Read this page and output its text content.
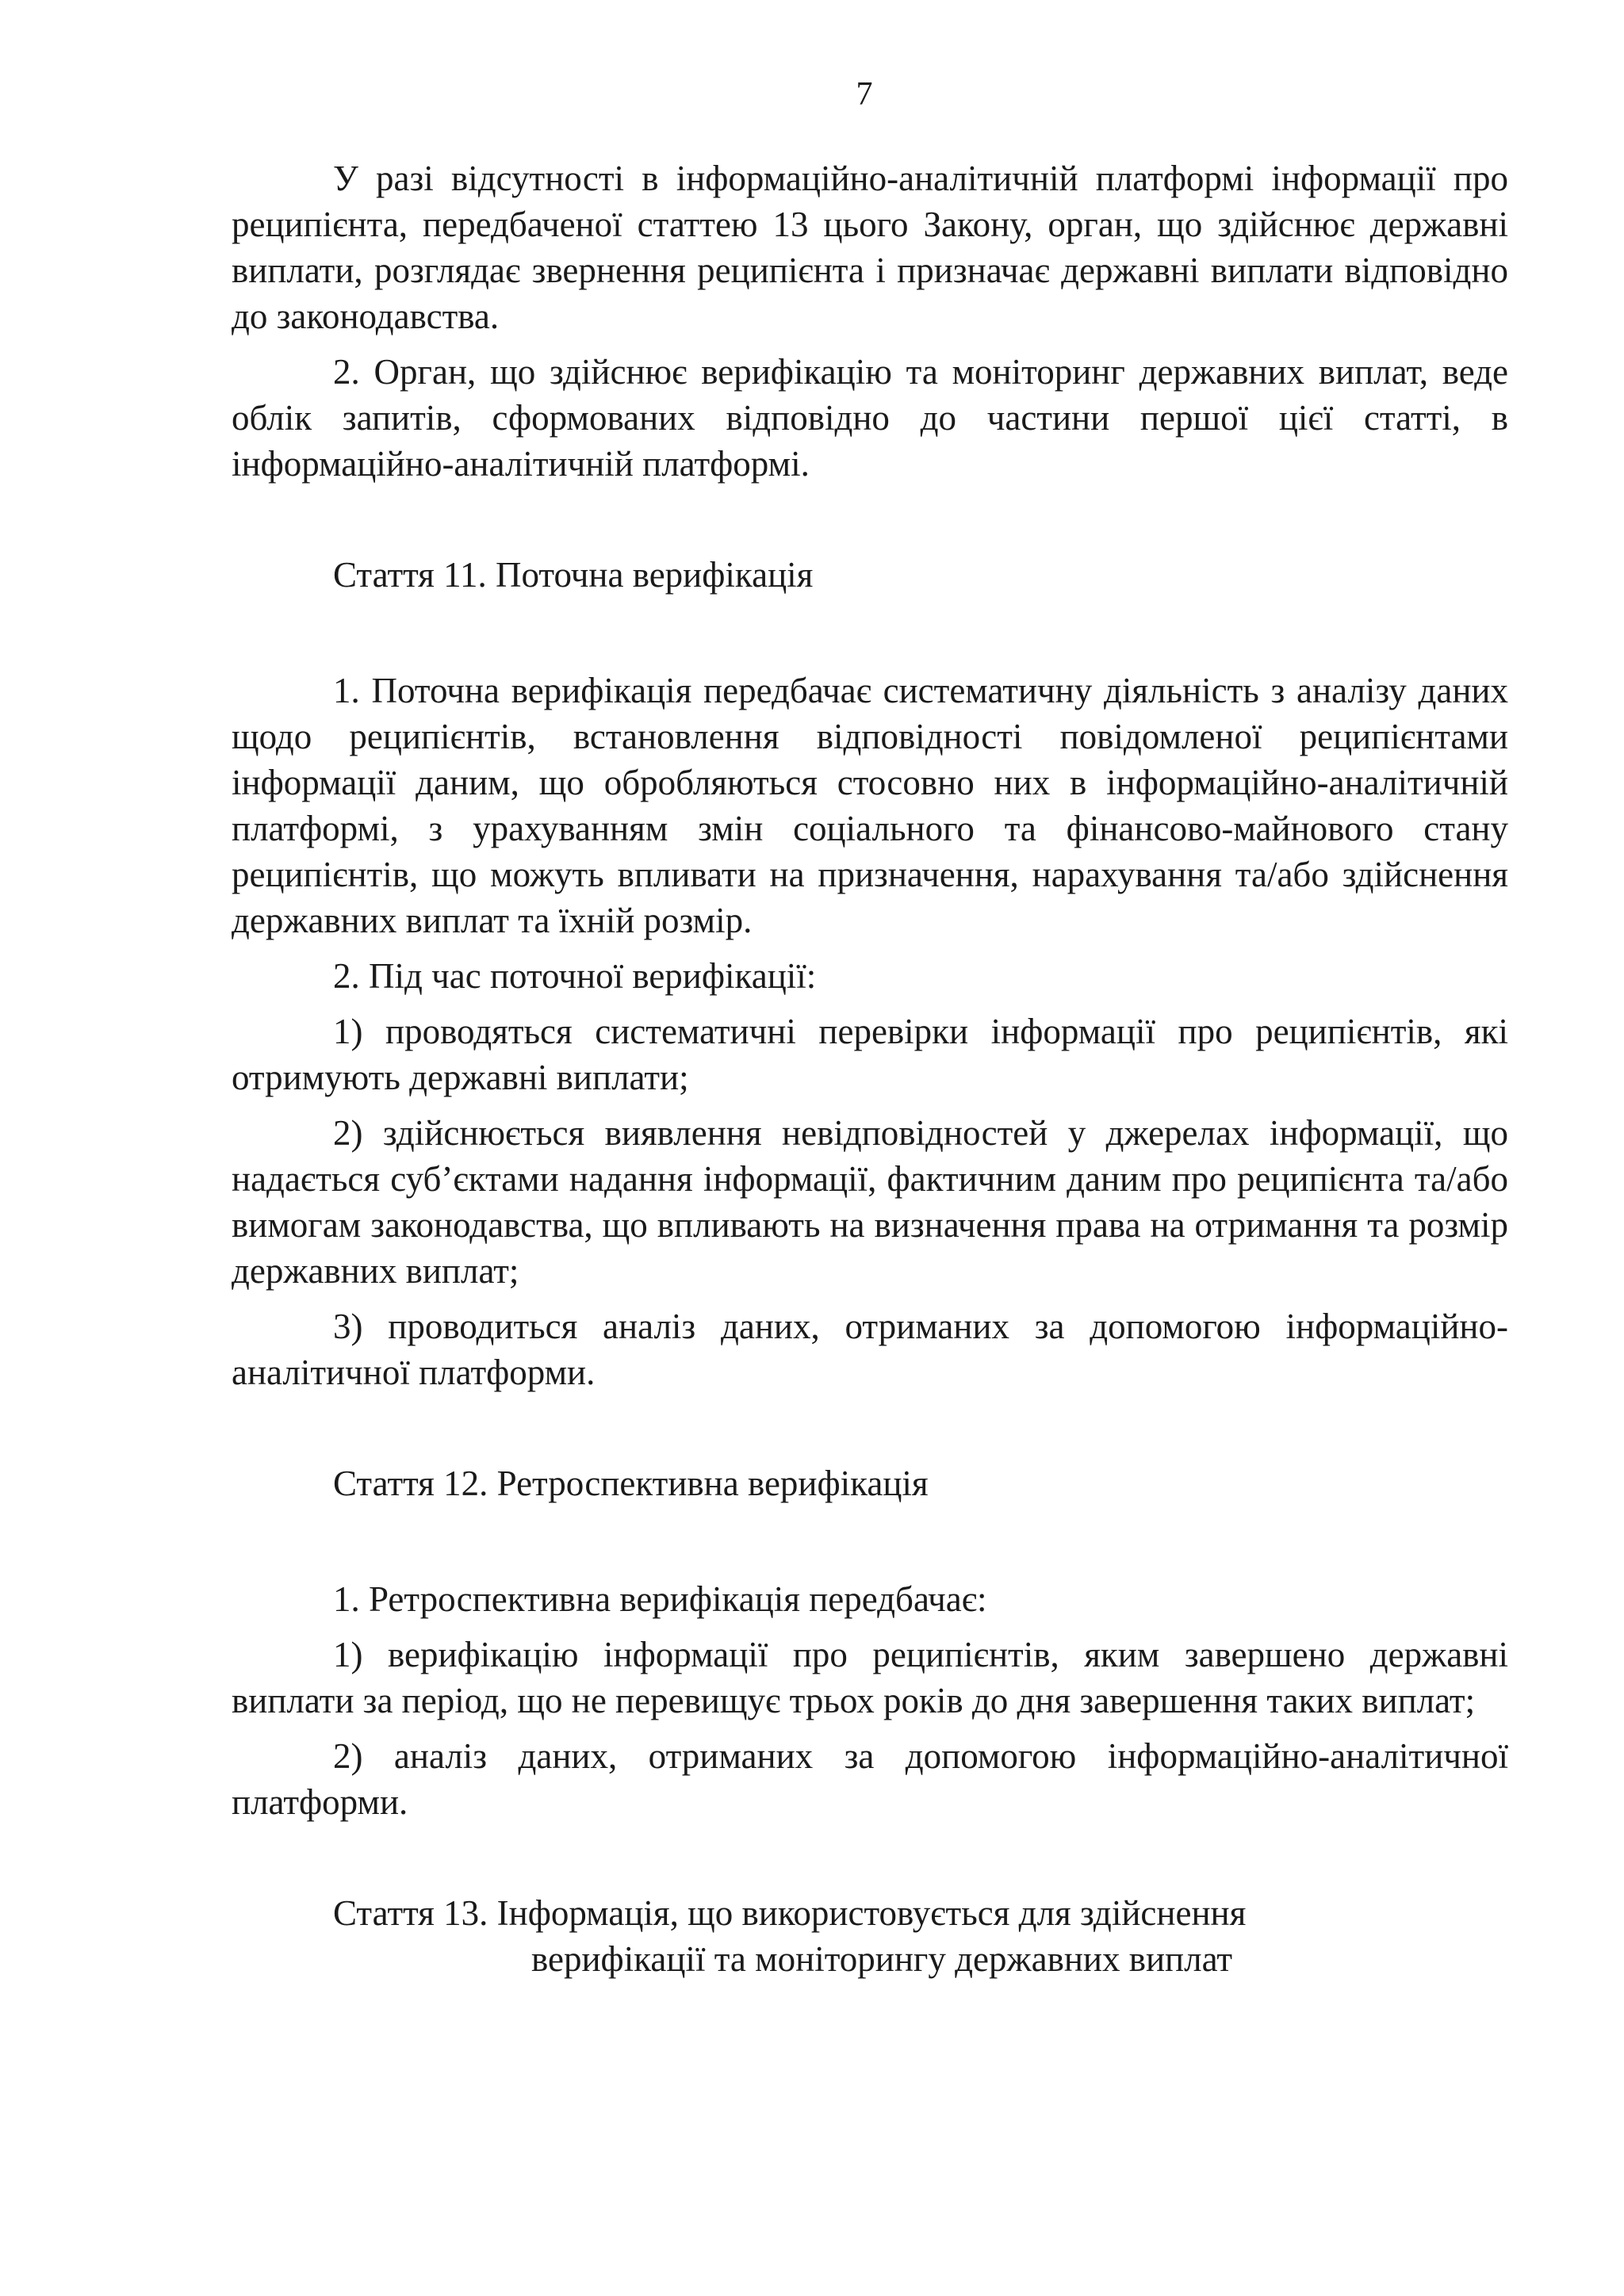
7

У разі відсутності в інформаційно-аналітичній платформі інформації про реципієнта, передбаченої статтею 13 цього Закону, орган, що здійснює державні виплати, розглядає звернення реципієнта і призначає державні виплати відповідно до законодавства.

2. Орган, що здійснює верифікацію та моніторинг державних виплат, веде облік запитів, сформованих відповідно до частини першої цієї статті, в інформаційно-аналітичній платформі.

Стаття 11. Поточна верифікація

1. Поточна верифікація передбачає систематичну діяльність з аналізу даних щодо реципієнтів, встановлення відповідності повідомленої реципієнтами інформації даним, що обробляються стосовно них в інформаційно-аналітичній платформі, з урахуванням змін соціального та фінансово-майнового стану реципієнтів, що можуть впливати на призначення, нарахування та/або здійснення державних виплат та їхній розмір.

2. Під час поточної верифікації:

1) проводяться систематичні перевірки інформації про реципієнтів, які отримують державні виплати;

2) здійснюється виявлення невідповідностей у джерелах інформації, що надається суб’єктами надання інформації, фактичним даним про реципієнта та/або вимогам законодавства, що впливають на визначення права на отримання та розмір державних виплат;

3) проводиться аналіз даних, отриманих за допомогою інформаційно-аналітичної платформи.

Стаття 12. Ретроспективна верифікація

1. Ретроспективна верифікація передбачає:

1) верифікацію інформації про реципієнтів, яким завершено державні виплати за період, що не перевищує трьох років до дня завершення таких виплат;

2) аналіз даних, отриманих за допомогою інформаційно-аналітичної платформи.

Стаття 13. Інформація, що використовується для здійснення
верифікації та моніторингу державних виплат
